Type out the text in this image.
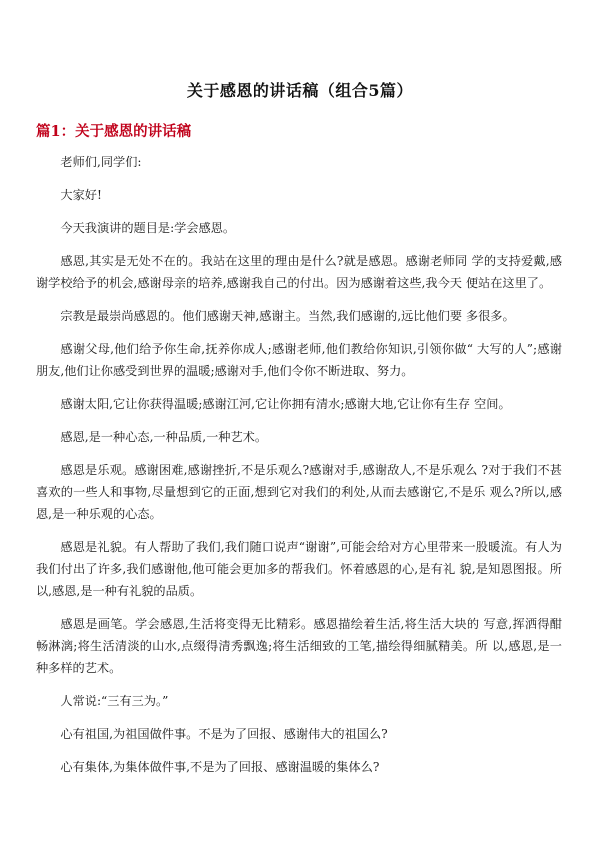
关于感恩的讲话稿（组合5篇）
篇1：关于感恩的讲话稿

老师们,同学们:

大家好!

今天我演讲的题目是:学会感恩。

感恩,其实是无处不在的。我站在这里的理由是什么?就是感恩。感谢老师同 学的支持爱戴,感谢学校给予的机会,感谢母亲的培养,感谢我自己的付出。因为感谢着这些,我今天 便站在这里了。

宗教是最崇尚感恩的。他们感谢天神,感谢主。当然,我们感谢的,远比他们要 多很多。

感谢父母,他们给予你生命,抚养你成人;感谢老师,他们教给你知识,引领你做“ 大写的人”;感谢朋友,他们让你感受到世界的温暖;感谢对手,他们令你不断进取、努力。

感谢太阳,它让你获得温暖;感谢江河,它让你拥有清水;感谢大地,它让你有生存 空间。

感恩,是一种心态,一种品质,一种艺术。

感恩是乐观。感谢困难,感谢挫折,不是乐观么?感谢对手,感谢敌人,不是乐观么 ?对于我们不甚喜欢的一些人和事物,尽量想到它的正面,想到它对我们的利处,从而去感谢它,不是乐 观么?所以,感恩,是一种乐观的心态。

感恩是礼貌。有人帮助了我们,我们随口说声“谢谢”,可能会给对方心里带来一股暖流。有人为我们付出了许多,我们感谢他,他可能会更加多的帮我们。怀着感恩的心,是有礼 貌,是知恩图报。所以,感恩,是一种有礼貌的品质。

感恩是画笔。学会感恩,生活将变得无比精彩。感恩描绘着生活,将生活大块的 写意,挥洒得酣畅淋漓;将生活清淡的山水,点缀得清秀飘逸;将生活细致的工笔,描绘得细腻精美。所 以,感恩,是一种多样的艺术。

人常说:“三有三为。”

心有祖国,为祖国做件事。不是为了回报、感谢伟大的祖国么?

心有集体,为集体做件事,不是为了回报、感谢温暖的集体么?
